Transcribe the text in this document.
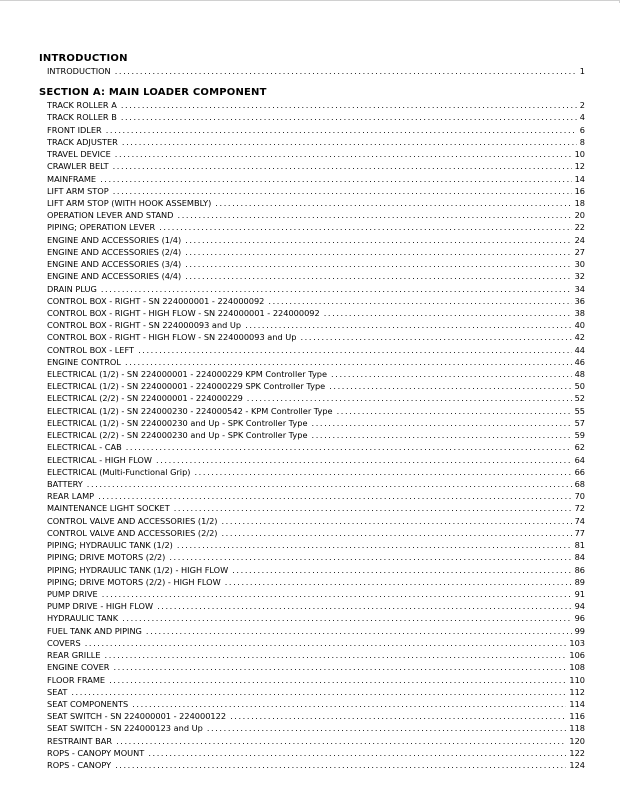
INTRODUCTION
INTRODUCTION .....	1
SECTION A: MAIN LOADER COMPONENT
TRACK ROLLER A .....	2
TRACK ROLLER B .....	4
FRONT IDLER .....	6
TRACK ADJUSTER .....	8
TRAVEL DEVICE .....	10
CRAWLER BELT .....	12
MAINFRAME .....	14
LIFT ARM STOP .....	16
LIFT ARM STOP (WITH HOOK ASSEMBLY) .....	18
OPERATION LEVER AND STAND .....	20
PIPING; OPERATION LEVER .....	22
ENGINE AND ACCESSORIES (1/4) .....	24
ENGINE AND ACCESSORIES (2/4) .....	27
ENGINE AND ACCESSORIES (3/4) .....	30
ENGINE AND ACCESSORIES (4/4) .....	32
DRAIN PLUG .....	34
CONTROL BOX - RIGHT - SN 224000001 - 224000092 .....	36
CONTROL BOX - RIGHT - HIGH FLOW - SN 224000001 - 224000092 .....	38
CONTROL BOX - RIGHT - SN 224000093 and Up .....	40
CONTROL BOX - RIGHT - HIGH FLOW - SN 224000093 and Up .....	42
CONTROL BOX - LEFT .....	44
ENGINE CONTROL .....	46
ELECTRICAL (1/2) - SN 224000001 - 224000229 KPM Controller Type .....	48
ELECTRICAL (1/2) - SN 224000001 - 224000229 SPK Controller Type .....	50
ELECTRICAL (2/2) - SN 224000001 - 224000229 .....	52
ELECTRICAL (1/2) - SN 224000230 - 224000542 - KPM Controller Type .....	55
ELECTRICAL (1/2) - SN 224000230 and Up - SPK Controller Type .....	57
ELECTRICAL (2/2) - SN 224000230 and Up - SPK Controller Type .....	59
ELECTRICAL - CAB .....	62
ELECTRICAL - HIGH FLOW .....	64
ELECTRICAL (Multi-Functional Grip) .....	66
BATTERY .....	68
REAR LAMP .....	70
MAINTENANCE LIGHT SOCKET .....	72
CONTROL VALVE AND ACCESSORIES (1/2) .....	74
CONTROL VALVE AND ACCESSORIES (2/2) .....	77
PIPING; HYDRAULIC TANK (1/2) .....	81
PIPING; DRIVE MOTORS (2/2) .....	84
PIPING; HYDRAULIC TANK (1/2) - HIGH FLOW .....	86
PIPING; DRIVE MOTORS (2/2) - HIGH FLOW .....	89
PUMP DRIVE .....	91
PUMP DRIVE - HIGH FLOW .....	94
HYDRAULIC TANK .....	96
FUEL TANK AND PIPING .....	99
COVERS .....	103
REAR GRILLE .....	106
ENGINE COVER .....	108
FLOOR FRAME .....	110
SEAT .....	112
SEAT COMPONENTS .....	114
SEAT SWITCH - SN 224000001 - 224000122 .....	116
SEAT SWITCH - SN 224000123 and Up .....	118
RESTRAINT BAR .....	120
ROPS - CANOPY MOUNT .....	122
ROPS - CANOPY .....	124
